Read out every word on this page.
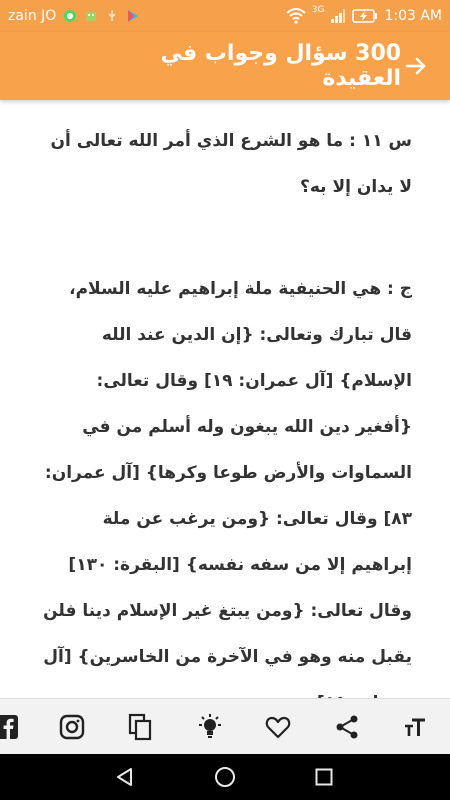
zain JO	3G	1:03 AM
300 سؤال وجواب في العقيدة

س ١١ : ما هو الشرع الذي أمر الله تعالى أن لا يدان إلا به؟

ج : هي الحنيفية ملة إبراهيم عليه السلام، قال تبارك وتعالى: {إن الدين عند الله الإسلام} [آل عمران: ١٩] وقال تعالى: {أفغير دين الله يبغون وله أسلم من في السماوات والأرض طوعا وكرها} [آل عمران: ٨٣] وقال تعالى: {ومن يرغب عن ملة إبراهيم إلا من سفه نفسه} [البقرة: ١٣٠] وقال تعالى: {ومن يبتغ غير الإسلام دينا فلن يقبل منه وهو في الآخرة من الخاسرين} [آل
